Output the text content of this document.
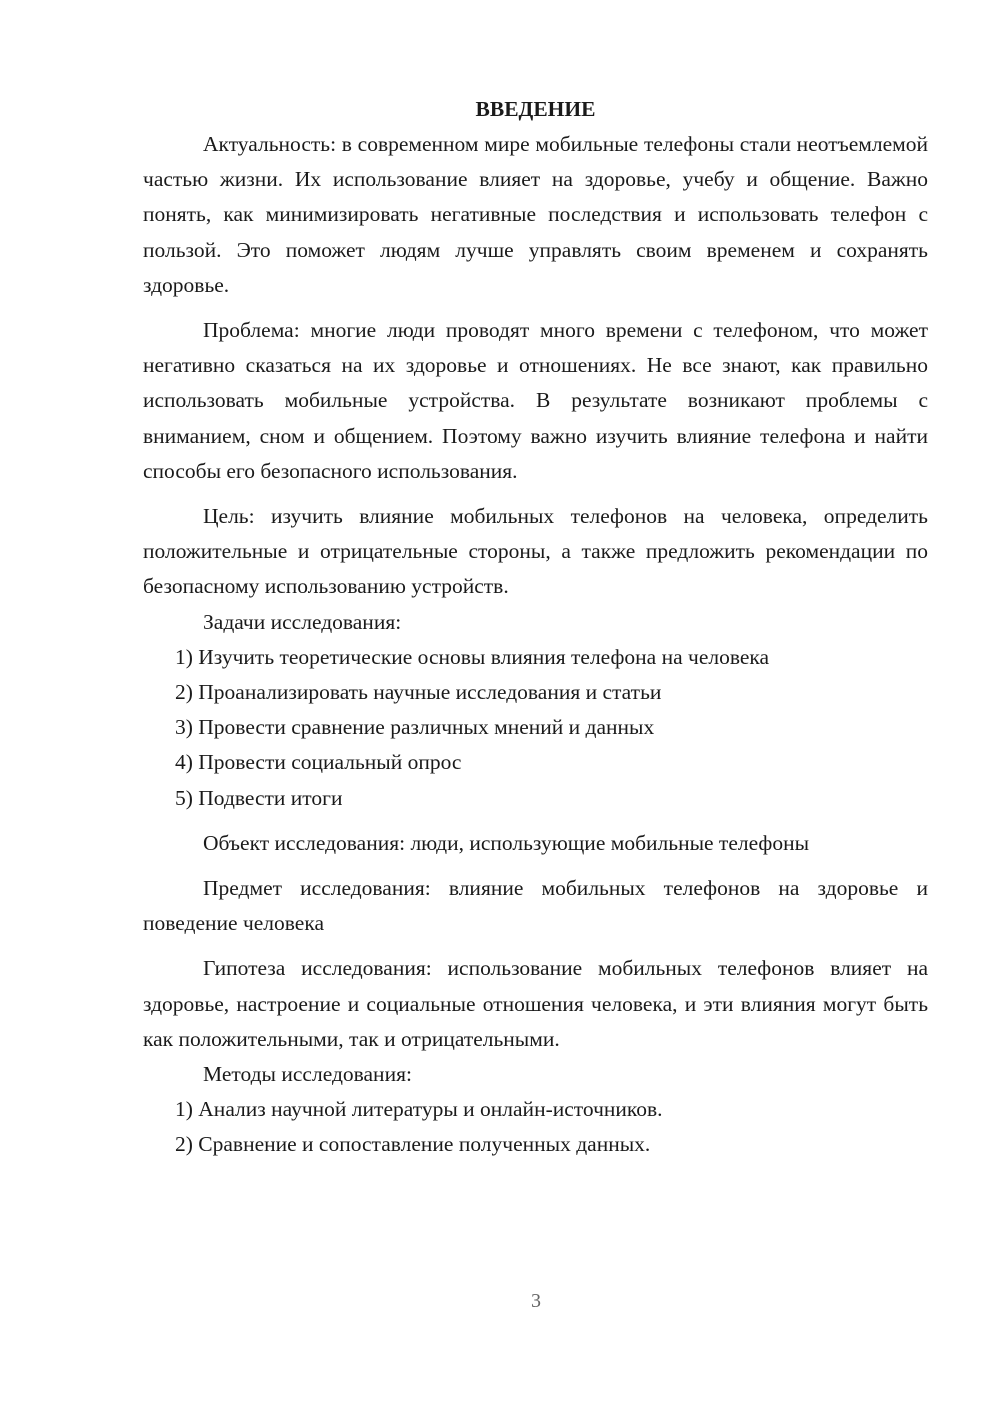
ВВЕДЕНИЕ

Актуальность: в современном мире мобильные телефоны стали неотъемлемой частью жизни. Их использование влияет на здоровье, учебу и общение. Важно понять, как минимизировать негативные последствия и использовать телефон с пользой. Это поможет людям лучше управлять своим временем и сохранять здоровье.

Проблема: многие люди проводят много времени с телефоном, что может негативно сказаться на их здоровье и отношениях. Не все знают, как правильно использовать мобильные устройства. В результате возникают проблемы с вниманием, сном и общением. Поэтому важно изучить влияние телефона и найти способы его безопасного использования.

Цель: изучить влияние мобильных телефонов на человека, определить положительные и отрицательные стороны, а также предложить рекомендации по безопасному использованию устройств.

Задачи исследования:

1) Изучить теоретические основы влияния телефона на человека

2) Проанализировать научные исследования и статьи

3) Провести сравнение различных мнений и данных

4) Провести социальный опрос

5) Подвести итоги

Объект исследования: люди, использующие мобильные телефоны

Предмет исследования: влияние мобильных телефонов на здоровье и поведение человека

Гипотеза исследования: использование мобильных телефонов влияет на здоровье, настроение и социальные отношения человека, и эти влияния могут быть как положительными, так и отрицательными.

Методы исследования:

1) Анализ научной литературы и онлайн-источников.

2) Сравнение и сопоставление полученных данных.

3
